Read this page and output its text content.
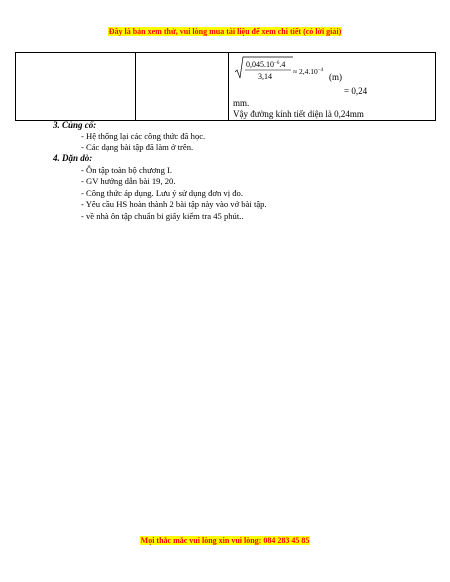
Đây là bản xem thử, vui lòng mua tài liệu để xem chi tiết (có lời giải)

$0,045.10^{-6}.4$
3,14
≈ $2,4.10^{-4}$
(m)
= 0,24
mm.
Vậy đường kính tiết diện là 0,24mm
3. Củng cố:
- Hệ thống lại các công thức đã học.
- Các dạng bài tập đã làm ở trên.
4. Dặn dò:
- Ôn tập toàn bộ chương I.
- GV hướng dẫn bài 19, 20.
- Công thức áp dụng. Lưu ý sử dụng đơn vị đo.
- Yêu cầu HS hoàn thành 2 bài tập này vào vở bài tập.
- về nhà ôn tập chuẩn bi giấy kiểm tra 45 phút..
Mọi thắc mắc vui lòng xin vui lòng: 084 283 45 85
